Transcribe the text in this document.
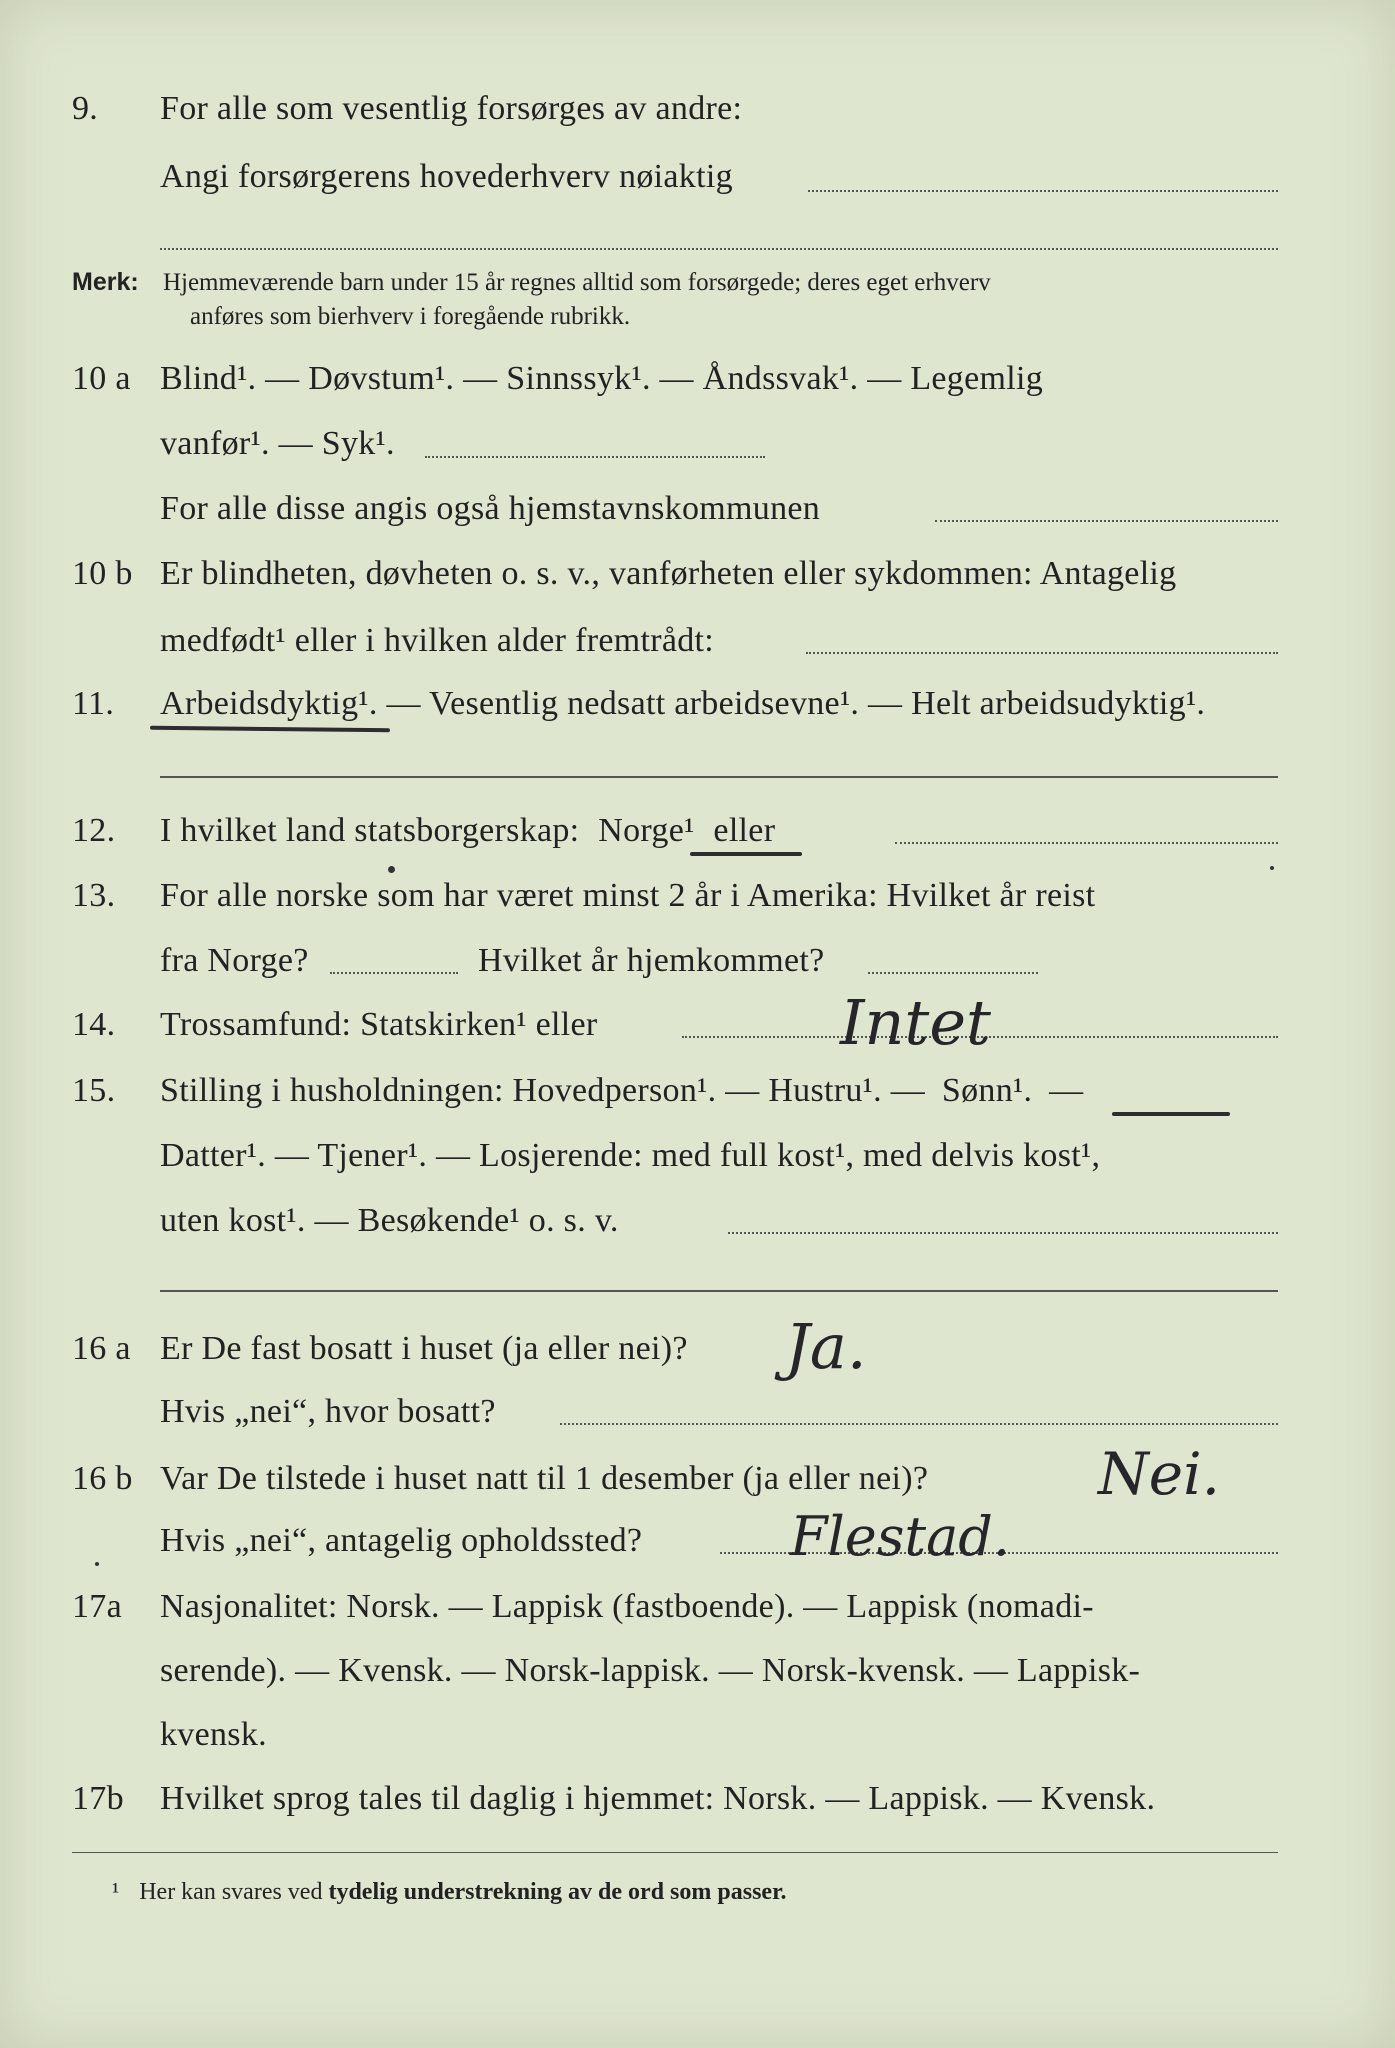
9. For alle som vesentlig forsørges av andre:
Angi forsørgerens hovederhverv nøiaktig
Merk: Hjemmeværende barn under 15 år regnes alltid som forsørgede; deres eget erhverv
anføres som bierhverv i foregående rubrikk.
10 a Blind¹. — Døvstum¹. — Sinnssyk¹. — Åndssvak¹. — Legemlig
vanfør¹. — Syk¹.
For alle disse angis også hjemstavnskommunen
10 b Er blindheten, døvheten o. s. v., vanførheten eller sykdommen: Antagelig
medfødt¹ eller i hvilken alder fremtrådt:
11. Arbeidsdyktig¹. — Vesentlig nedsatt arbeidsevne¹. — Helt arbeidsudyktig¹.
12. I hvilket land statsborgerskap: Norge¹ eller
13. For alle norske som har været minst 2 år i Amerika: Hvilket år reist
fra Norge?	Hvilket år hjemkommet?
14. Trossamfund: Statskirken¹ eller	Intet
15. Stilling i husholdningen: Hovedperson¹. — Hustru¹. — Sønn¹. —
Datter¹. — Tjener¹. — Losjerende: med full kost¹, med delvis kost¹,
uten kost¹. — Besøkende¹ o. s. v.
16 a Er De fast bosatt i huset (ja eller nei)? Ja.
Hvis „nei“, hvor bosatt?
16 b Var De tilstede i huset natt til 1 desember (ja eller nei)?	Nei.
Hvis „nei“, antagelig opholdssted?	Flestad.
17a Nasjonalitet: Norsk. — Lappisk (fastboende). — Lappisk (nomadi-
serende). — Kvensk. — Norsk-lappisk. — Norsk-kvensk. — Lappisk-
kvensk.
17b Hvilket sprog tales til daglig i hjemmet: Norsk. — Lappisk. — Kvensk.
¹ Her kan svares ved tydelig understrekning av de ord som passer.
